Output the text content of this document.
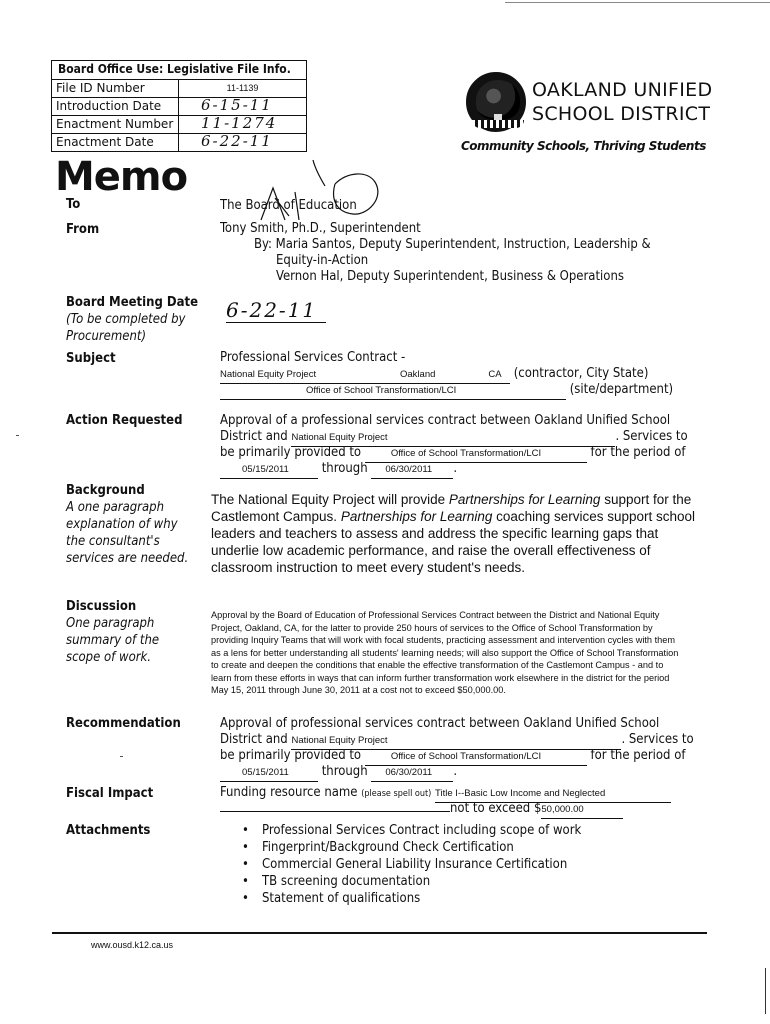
Board Office Use: Legislative File Info.
File ID Number	11-1139
Introduction Date	6-15-11
Enactment Number	11-1274
Enactment Date	6-22-11
OAKLAND UNIFIED
SCHOOL DISTRICT
Community Schools, Thriving Students
Memo
To	The Board of Education
From	Tony Smith, Ph.D., Superintendent
By: Maria Santos, Deputy Superintendent, Instruction, Leadership &
Equity-in-Action
Vernon Hal, Deputy Superintendent, Business & Operations
Board Meeting Date
(To be completed by
Procurement)
6-22-11
Subject	Professional Services Contract -
National Equity Project	Oakland	CA (contractor, City State)
Office of School Transformation/LCI	(site/department)
Action Requested	Approval of a professional services contract between Oakland Unified School
District and National Equity Project	. Services to
be primarily provided to	Office of School Transformation/LCI	for the period of
05/15/2011	through 06/30/2011 .
Background
A one paragraph
explanation of why
the consultant's
services are needed.
The National Equity Project will provide Partnerships for Learning support for the Castlemont Campus. Partnerships for Learning coaching services support school leaders and teachers to assess and address the specific learning gaps that underlie low academic performance, and raise the overall effectiveness of classroom instruction to meet every student's needs.
Discussion
One paragraph
summary of the
scope of work.
Approval by the Board of Education of Professional Services Contract between the District and National Equity Project, Oakland, CA, for the latter to provide 250 hours of services to the Office of School Transformation by providing Inquiry Teams that will work with focal students, practicing assessment and intervention cycles with them as a lens for better understanding all students' learning needs; will also support the Office of School Transformation to create and deepen the conditions that enable the effective transformation of the Castlemont Campus - and to learn from these efforts in ways that can inform further transformation work elsewhere in the district for the period May 15, 2011 through June 30, 2011 at a cost not to exceed $50,000.00.
Recommendation	Approval of professional services contract between Oakland Unified School
District and National Equity Project	. Services to
be primarily provided to	Office of School Transformation/LCI	for the period of
05/15/2011	through 06/30/2011 .
Fiscal Impact	Funding resource name (please spell out) Title I--Basic Low Income and Neglected
not to exceed $50,000.00
Attachments
•	Professional Services Contract including scope of work
• Fingerprint/Background Check Certification
• Commercial General Liability Insurance Certification
• TB screening documentation
• Statement of qualifications
www.ousd.k12.ca.us
